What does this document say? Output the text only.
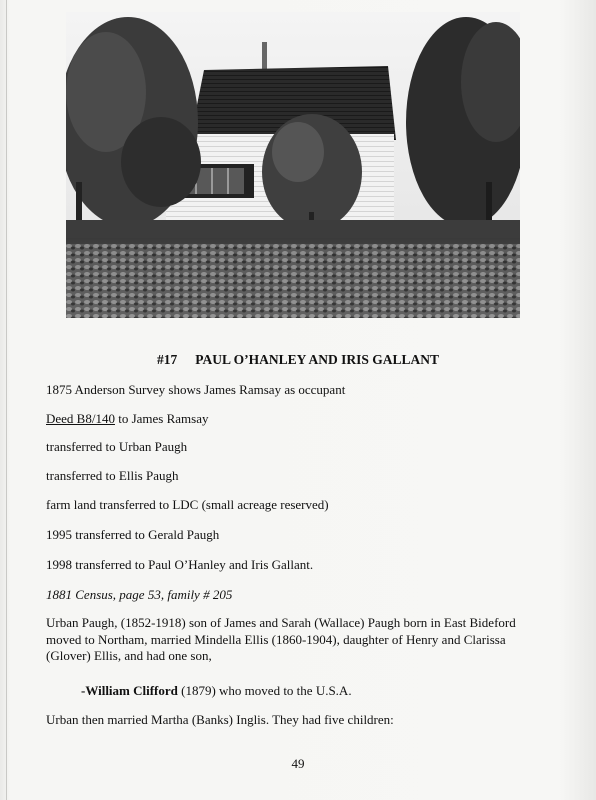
#17 PAUL O’HANLEY AND IRIS GALLANT
1875 Anderson Survey shows James Ramsay as occupant
Deed B8/140 to James Ramsay
transferred to Urban Paugh
transferred to Ellis Paugh
farm land transferred to LDC (small acreage reserved)
1995 transferred to Gerald Paugh
1998 transferred to Paul O’Hanley and Iris Gallant.
1881 Census, page 53, family # 205
Urban Paugh, (1852-1918) son of James and Sarah (Wallace) Paugh born in East Bideford moved to Northam, married Mindella Ellis (1860-1904), daughter of Henry and Clarissa (Glover) Ellis, and had one son,
-William Clifford (1879) who moved to the U.S.A.
Urban then married Martha (Banks) Inglis. They had five children:
49
